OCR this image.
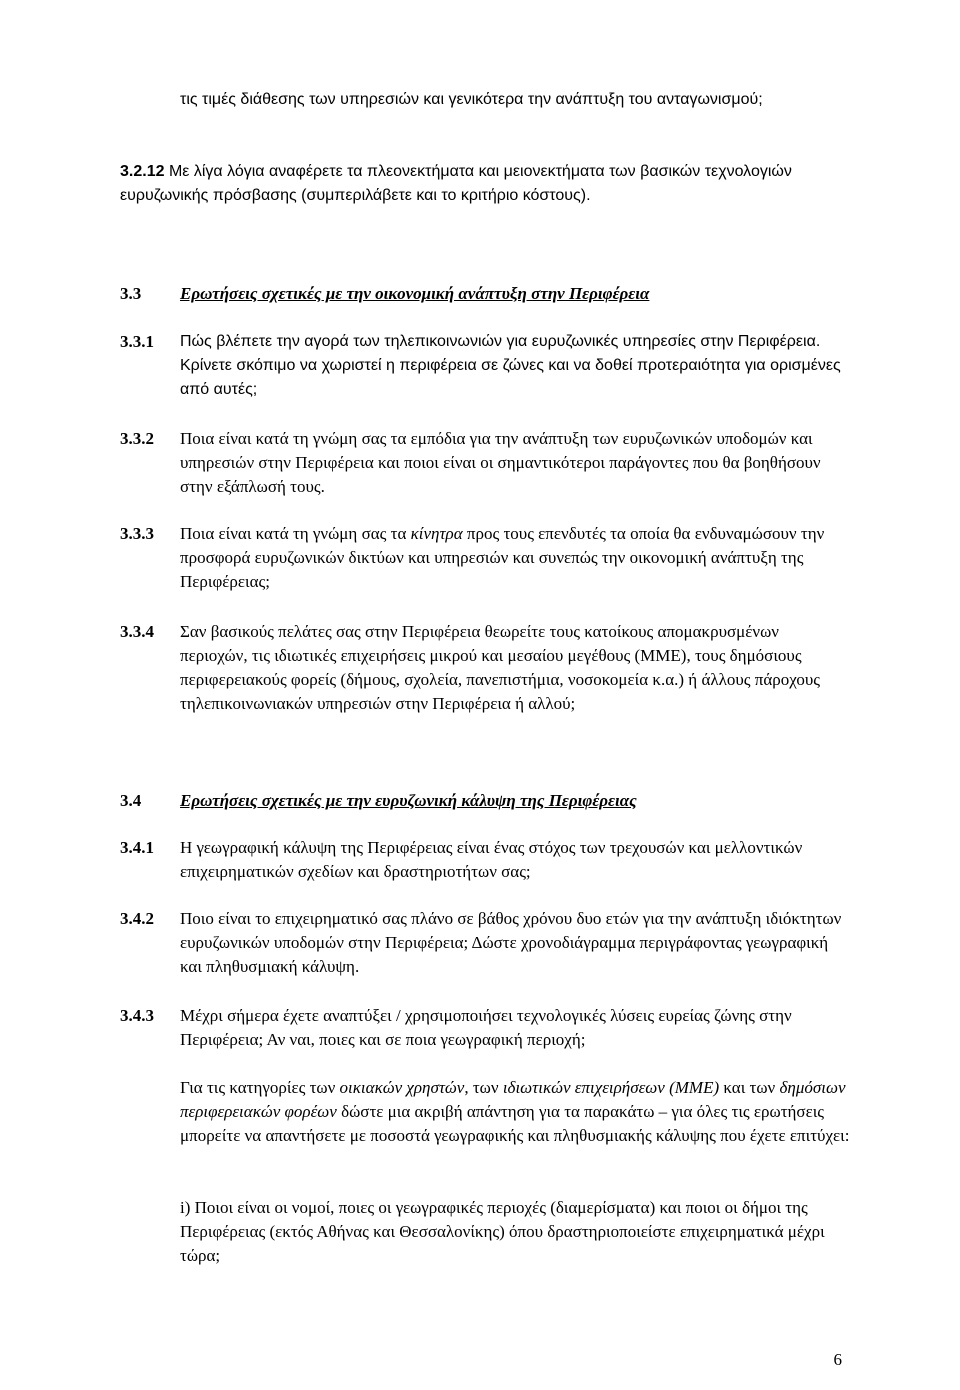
τις τιμές διάθεσης των υπηρεσιών και γενικότερα την ανάπτυξη του ανταγωνισμού;

3.2.12 Με λίγα λόγια αναφέρετε τα πλεονεκτήματα και μειονεκτήματα των βασικών τεχνολογιών ευρυζωνικής πρόσβασης (συμπεριλάβετε και το κριτήριο κόστους).

3.3 Ερωτήσεις σχετικές με την οικονομική ανάπτυξη στην Περιφέρεια

3.3.1 Πώς βλέπετε την αγορά των τηλεπικοινωνιών για ευρυζωνικές υπηρεσίες στην Περιφέρεια. Κρίνετε σκόπιμο να χωριστεί η περιφέρεια σε ζώνες και να δοθεί προτεραιότητα για ορισμένες από αυτές;

3.3.2 Ποια είναι κατά τη γνώμη σας τα εμπόδια για την ανάπτυξη των ευρυζωνικών υποδομών και υπηρεσιών στην Περιφέρεια και ποιοι είναι οι σημαντικότεροι παράγοντες που θα βοηθήσουν στην εξάπλωσή τους.

3.3.3 Ποια είναι κατά τη γνώμη σας τα κίνητρα προς τους επενδυτές τα οποία θα ενδυναμώσουν την προσφορά ευρυζωνικών δικτύων και υπηρεσιών και συνεπώς την οικονομική ανάπτυξη της Περιφέρειας;

3.3.4 Σαν βασικούς πελάτες σας στην Περιφέρεια θεωρείτε τους κατοίκους απομακρυσμένων περιοχών, τις ιδιωτικές επιχειρήσεις μικρού και μεσαίου μεγέθους (ΜΜΕ), τους δημόσιους περιφερειακούς φορείς (δήμους, σχολεία, πανεπιστήμια, νοσοκομεία κ.α.) ή άλλους πάροχους τηλεπικοινωνιακών υπηρεσιών στην Περιφέρεια ή αλλού;

3.4 Ερωτήσεις σχετικές με την ευρυζωνική κάλυψη της Περιφέρειας

3.4.1 Η γεωγραφική κάλυψη της Περιφέρειας είναι ένας στόχος των τρεχουσών και μελλοντικών επιχειρηματικών σχεδίων και δραστηριοτήτων σας;

3.4.2 Ποιο είναι το επιχειρηματικό σας πλάνο σε βάθος χρόνου δυο ετών για την ανάπτυξη ιδιόκτητων ευρυζωνικών υποδομών στην Περιφέρεια; Δώστε χρονοδιάγραμμα περιγράφοντας γεωγραφική και πληθυσμιακή κάλυψη.

3.4.3 Μέχρι σήμερα έχετε αναπτύξει / χρησιμοποιήσει τεχνολογικές λύσεις ευρείας ζώνης στην Περιφέρεια; Αν ναι, ποιες και σε ποια γεωγραφική περιοχή;

Για τις κατηγορίες των οικιακών χρηστών, των ιδιωτικών επιχειρήσεων (ΜΜΕ) και των δημόσιων περιφερειακών φορέων δώστε μια ακριβή απάντηση για τα παρακάτω – για όλες τις ερωτήσεις μπορείτε να απαντήσετε με ποσοστά γεωγραφικής και πληθυσμιακής κάλυψης που έχετε επιτύχει:

i) Ποιοι είναι οι νομοί, ποιες οι γεωγραφικές περιοχές (διαμερίσματα) και ποιοι οι δήμοι της Περιφέρειας (εκτός Αθήνας και Θεσσαλονίκης) όπου δραστηριοποιείστε επιχειρηματικά μέχρι τώρα;

6
